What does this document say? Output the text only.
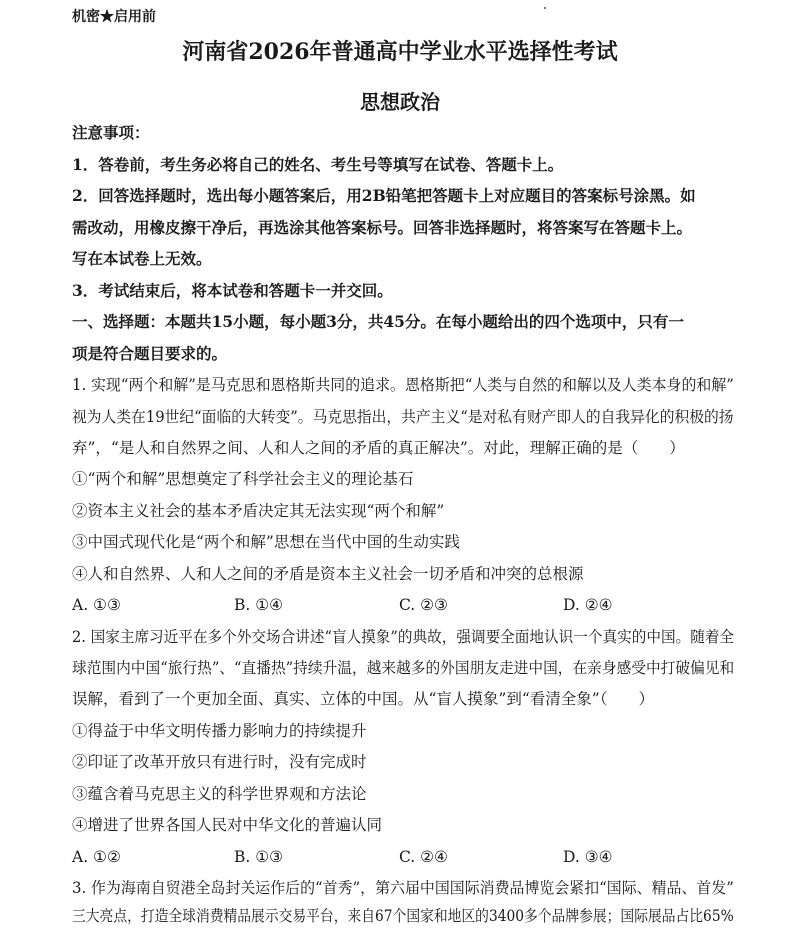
机密★启用前
河南省2026年普通高中学业水平选择性考试
思想政治
注意事项：
1．答卷前，考生务必将自己的姓名、考生号等填写在试卷、答题卡上。
2．回答选择题时，选出每小题答案后，用2B铅笔把答题卡上对应题目的答案标号涂黑。如
需改动，用橡皮擦干净后，再选涂其他答案标号。回答非选择题时，将答案写在答题卡上。
写在本试卷上无效。
3．考试结束后，将本试卷和答题卡一并交回。
一、选择题：本题共15小题，每小题3分，共45分。在每小题给出的四个选项中，只有一
项是符合题目要求的。
1. 实现“两个和解”是马克思和恩格斯共同的追求。恩格斯把“人类与自然的和解以及人类本身的和解”
视为人类在19世纪“面临的大转变”。马克思指出，共产主义“是对私有财产即人的自我异化的积极的扬
弃”，“是人和自然界之间、人和人之间的矛盾的真正解决”。对此，理解正确的是（　　）
①“两个和解”思想奠定了科学社会主义的理论基石
②资本主义社会的基本矛盾决定其无法实现“两个和解”
③中国式现代化是“两个和解”思想在当代中国的生动实践
④人和自然界、人和人之间的矛盾是资本主义社会一切矛盾和冲突的总根源
A. ①③	B. ①④	C. ②③	D. ②④
2. 国家主席习近平在多个外交场合讲述“盲人摸象”的典故，强调要全面地认识一个真实的中国。随着全
球范围内中国“旅行热”、“直播热”持续升温，越来越多的外国朋友走进中国，在亲身感受中打破偏见和
误解，看到了一个更加全面、真实、立体的中国。从“盲人摸象”到“看清全象”（　　）
①得益于中华文明传播力影响力的持续提升
②印证了改革开放只有进行时，没有完成时
③蕴含着马克思主义的科学世界观和方法论
④增进了世界各国人民对中华文化的普遍认同
A. ①②	B. ①③	C. ②④	D. ③④
3. 作为海南自贸港全岛封关运作后的“首秀”，第六届中国国际消费品博览会紧扣“国际、精品、首发”
三大亮点，打造全球消费精品展示交易平台，来自67个国家和地区的3400多个品牌参展；国际展品占比65%
